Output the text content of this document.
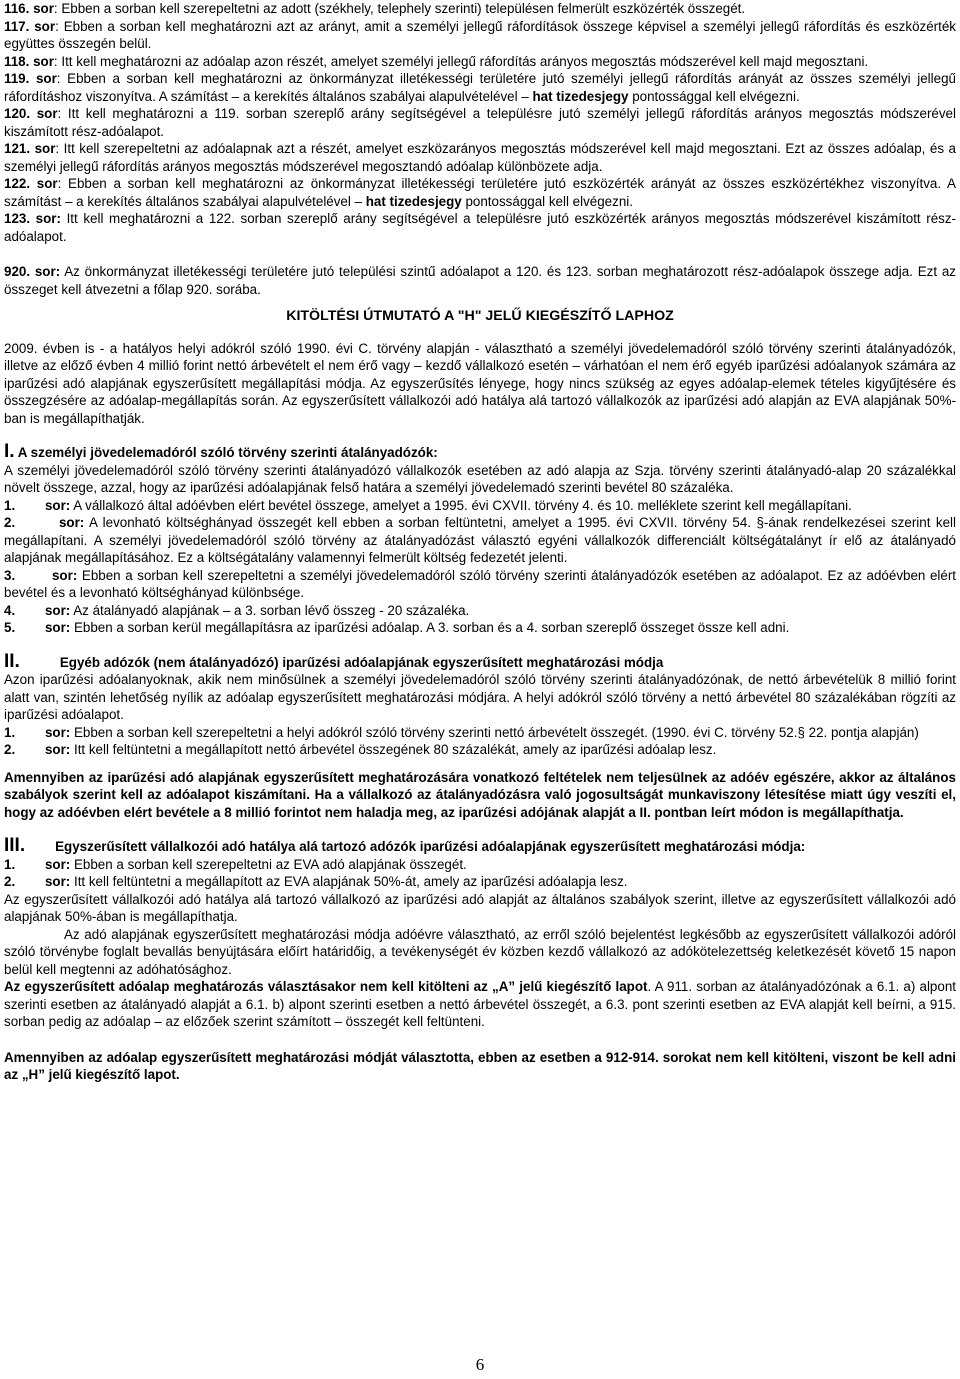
116. sor: Ebben a sorban kell szerepeltetni az adott (székhely, telephely szerinti) településen felmerült eszközérték összegét.

117. sor: Ebben a sorban kell meghatározni azt az arányt, amit a személyi jellegű ráfordítások összege képvisel a személyi jellegű ráfordítás és eszközérték együttes összegén belül.

118. sor: Itt kell meghatározni az adóalap azon részét, amelyet személyi jellegű ráfordítás arányos megosztás módszerével kell majd megosztani.

119. sor: Ebben a sorban kell meghatározni az önkormányzat illetékességi területére jutó személyi jellegű ráfordítás arányát az összes személyi jellegű ráfordításhoz viszonyítva. A számítást – a kerekítés általános szabályai alapulvételével – hat tizedesjegy pontossággal kell elvégezni.

120. sor: Itt kell meghatározni a 119. sorban szereplő arány segítségével a településre jutó személyi jellegű ráfordítás arányos megosztás módszerével kiszámított rész-adóalapot.

121. sor: Itt kell szerepeltetni az adóalapnak azt a részét, amelyet eszközarányos megosztás módszerével kell majd megosztani. Ezt az összes adóalap, és a személyi jellegű ráfordítás arányos megosztás módszerével megosztandó adóalap különbözete adja.

122. sor: Ebben a sorban kell meghatározni az önkormányzat illetékességi területére jutó eszközérték arányát az összes eszközértékhez viszonyítva. A számítást – a kerekítés általános szabályai alapulvételével – hat tizedesjegy pontossággal kell elvégezni.

123. sor: Itt kell meghatározni a 122. sorban szereplő arány segítségével a településre jutó eszközérték arányos megosztás módszerével kiszámított rész-adóalapot.

920. sor: Az önkormányzat illetékességi területére jutó települési szintű adóalapot a 120. és 123. sorban meghatározott rész-adóalapok összege adja. Ezt az összeget kell átvezetni a főlap 920. sorába.

KITÖLTÉSI ÚTMUTATÓ A "H" JELŰ KIEGÉSZÍTŐ LAPHOZ

2009. évben is - a hatályos helyi adókról szóló 1990. évi C. törvény alapján - választható a személyi jövedelemadóról szóló törvény szerinti átalányadózók, illetve az előző évben 4 millió forint nettó árbevételt el nem érő vagy – kezdő vállalkozó esetén – várhatóan el nem érő egyéb iparűzési adóalanyok számára az iparűzési adó alapjának egyszerűsített megállapítási módja. Az egyszerűsítés lényege, hogy nincs szükség az egyes adóalap-elemek tételes kigyűjtésére és összegzésére az adóalap-megállapítás során. Az egyszerűsített vállalkozói adó hatálya alá tartozó vállalkozók az iparűzési adó alapján az EVA alapjának 50%-ban is megállapíthatják.

I. A személyi jövedelemadóról szóló törvény szerinti átalányadózók:

A személyi jövedelemadóról szóló törvény szerinti átalányadózó vállalkozók esetében az adó alapja az Szja. törvény szerinti átalányadó-alap 20 százalékkal növelt összege, azzal, hogy az iparűzési adóalapjának felső határa a személyi jövedelemadó szerinti bevétel 80 százaléka.

1. sor: A vállalkozó által adóévben elért bevétel összege, amelyet a 1995. évi CXVII. törvény 4. és 10. melléklete szerint kell megállapítani.

2.	sor: A levonható költséghányad összegét kell ebben a sorban feltüntetni, amelyet a 1995. évi CXVII. törvény 54. §-ának rendelkezései szerint kell megállapítani. A személyi jövedelemadóról szóló törvény az átalányadózást választó egyéni vállalkozók differenciált költségátalányt ír elő az átalányadó alapjának megállapításához. Ez a költségátalány valamennyi felmerült költség fedezetét jelenti.

3.	sor: Ebben a sorban kell szerepeltetni a személyi jövedelemadóról szóló törvény szerinti átalányadózók esetében az adóalapot. Ez az adóévben elért bevétel és a levonható költséghányad különbsége.

4. sor: Az átalányadó alapjának – a 3. sorban lévő összeg - 20 százaléka.

5. sor: Ebben a sorban kerül megállapításra az iparűzési adóalap. A 3. sorban és a 4. sorban szereplő összeget össze kell adni.

II.	Egyéb adózók (nem átalányadózó) iparűzési adóalapjának egyszerűsített meghatározási módja

Azon iparűzési adóalanyoknak, akik nem minősülnek a személyi jövedelemadóról szóló törvény szerinti átalányadózónak, de nettó árbevételük 8 millió forint alatt van, szintén lehetőség nyílik az adóalap egyszerűsített meghatározási módjára. A helyi adókról szóló törvény a nettó árbevétel 80 százalékában rögzíti az iparűzési adóalapot.

1. sor: Ebben a sorban kell szerepeltetni a helyi adókról szóló törvény szerinti nettó árbevételt összegét. (1990. évi C. törvény 52.§ 22. pontja alapján)

2. sor: Itt kell feltüntetni a megállapított nettó árbevétel összegének 80 százalékát, amely az iparűzési adóalap lesz.

Amennyiben az iparűzési adó alapjának egyszerűsített meghatározására vonatkozó feltételek nem teljesülnek az adóév egészére, akkor az általános szabályok szerint kell az adóalapot kiszámítani. Ha a vállalkozó az átalányadózásra való jogosultságát munkaviszony létesítése miatt úgy veszíti el, hogy az adóévben elért bevétele a 8 millió forintot nem haladja meg, az iparűzési adójának alapját a II. pontban leírt módon is megállapíthatja.

III. Egyszerűsített vállalkozói adó hatálya alá tartozó adózók iparűzési adóalapjának egyszerűsített meghatározási módja:

1. sor: Ebben a sorban kell szerepeltetni az EVA adó alapjának összegét.

2. sor: Itt kell feltüntetni a megállapított az EVA alapjának 50%-át, amely az iparűzési adóalapja lesz.

Az egyszerűsített vállalkozói adó hatálya alá tartozó vállalkozó az iparűzési adó alapját az általános szabályok szerint, illetve az egyszerűsített vállalkozói adó alapjának 50%-ában is megállapíthatja.

Az adó alapjának egyszerűsített meghatározási módja adóévre választható, az erről szóló bejelentést legkésőbb az egyszerűsített vállalkozói adóról szóló törvénybe foglalt bevallás benyújtására előírt határidőig, a tevékenységét év közben kezdő vállalkozó az adókötelezettség keletkezését követő 15 napon belül kell megtenni az adóhatósághoz.

Az egyszerűsített adóalap meghatározás választásakor nem kell kitölteni az „A” jelű kiegészítő lapot. A 911. sorban az átalányadózónak a 6.1. a) alpont szerinti esetben az átalányadó alapját a 6.1. b) alpont szerinti esetben a nettó árbevétel összegét, a 6.3. pont szerinti esetben az EVA alapját kell beírni, a 915. sorban pedig az adóalap – az előzőek szerint számított – összegét kell feltünteni.

Amennyiben az adóalap egyszerűsített meghatározási módját választotta, ebben az esetben a 912-914. sorokat nem kell kitölteni, viszont be kell adni az „H” jelű kiegészítő lapot.

6
